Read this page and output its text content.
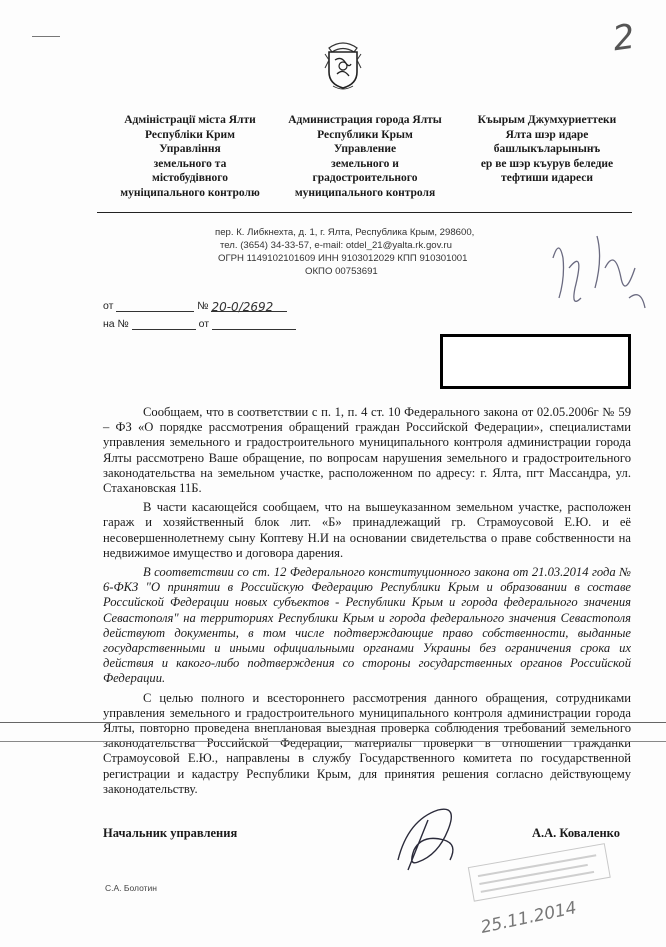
2
Адміністрації міста Ялти
Республіки Крим
Управління
земельного та
містобудівного
муніципального контролю
Администрация города Ялты
Республики Крым
Управление
земельного и
градостроительного
муниципального контроля
Къырым Джумхуриеттеки
Ялта шэр идаре
башлыкъларынынъ
ер ве шэр къурув беледие
тефтиши идареси
пер. К. Либкнехта, д. 1, г. Ялта, Республика Крым, 298600,
тел. (3654) 34-33-57, e-mail: otdel_21@yalta.rk.gov.ru
ОГРН 1149102101609 ИНН 9103012029 КПП 910301001
ОКПО 00753691
от	№ 20-0/2692
на №	от

Сообщаем, что в соответствии с п. 1, п. 4 ст. 10 Федерального закона от 02.05.2006г № 59 – ФЗ «О порядке рассмотрения обращений граждан Российской Федерации», специалистами управления земельного и градостроительного муниципального контроля администрации города Ялты рассмотрено Ваше обращение, по вопросам нарушения земельного и градостроительного законодательства на земельном участке, расположенном по адресу: г. Ялта, пгт Массандра, ул. Стахановская 11Б.

В части касающейся сообщаем, что на вышеуказанном земельном участке, расположен гараж и хозяйственный блок лит. «Б» принадлежащий гр. Страмоусовой Е.Ю. и её несовершеннолетнему сыну Коптеву Н.И на основании свидетельства о праве собственности на недвижимое имущество и договора дарения.

В соответствии со ст. 12 Федерального конституционного закона от 21.03.2014 года № 6-ФКЗ "О принятии в Российскую Федерацию Республики Крым и образовании в составе Российской Федерации новых субъектов - Республики Крым и города федерального значения Севастополя" на территориях Республики Крым и города федерального значения Севастополя действуют документы, в том числе подтверждающие право собственности, выданные государственными и иными официальными органами Украины без ограничения срока их действия и какого-либо подтверждения со стороны государственных органов Российской Федерации.

С целью полного и всестороннего рассмотрения данного обращения, сотрудниками управления земельного и градостроительного муниципального контроля администрации города Ялты, повторно проведена внеплановая выездная проверка соблюдения требований земельного законодательства Российской Федерации, материалы проверки в отношении гражданки Страмоусовой Е.Ю., направлены в службу Государственного комитета по государственной регистрации и кадастру Республики Крым, для принятия решения согласно действующему законодательству.

Начальник управления	А.А. Коваленко
25.11.2014
С.А. Болотин
